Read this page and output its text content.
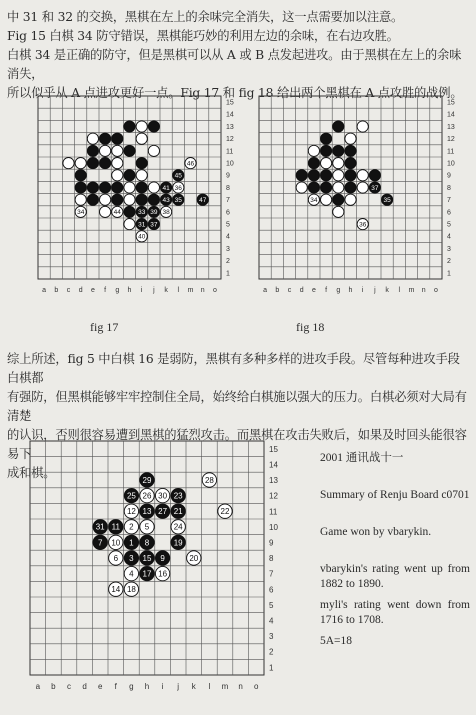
中 31 和 32 的交换，黑棋在左上的余味完全消失，这一点需要加以注意。
Fig 15 白棋 34 防守错误，黑棋能巧妙的利用左边的余味，在右边攻胜。
白棋 34 是正确的防守，但是黑棋可以从 A 或 B 点发起进攻。由于黑棋在左上的余味消失，
所以似乎从 A 点进攻更好一点。Fig 17 和 fig 18 给出两个黑棋在 A 点攻胜的战例。
15
14
13
12
11
10
9
8
7
6
5
4
3
2
1
a b c d e f g h i j k l m n o
46
45
41 36
43 35	47
34	44	33 39 38
31 37
40
fig 17
15
14
13
12
11
10
9
8
7
6
5
4
3
2
1
a b c d e f g h i j k l m n o
37
34	35
36
fig 18
综上所述，fig 5 中白棋 16 是弱防，黑棋有多种多样的进攻手段。尽管每种进攻手段白棋都
有强防，但黑棋能够牢牢控制住全局，始终给白棋施以强大的压力。白棋必须对大局有清楚
的认识，否则很容易遭到黑棋的猛烈攻击。而黑棋在攻击失败后，如果及时回头能很容易下
成和棋。
15
14
13
12
11
10
9
8
7
6
5
4
3
2
1
a b c d e f g h i j k l m n o
29	28
25 26 30 23
12 13 27 21	22
31 11 2 5	24
7 10 1 8	19
6 3 15 9	20
4 17 16
14 18
2001 通讯战十一
Summary of Renju Board c0701
Game won by vbarykin.
vbarykin's rating went up from 1882 to 1890.
myli's rating went down from 1716 to 1708.
5A=18
